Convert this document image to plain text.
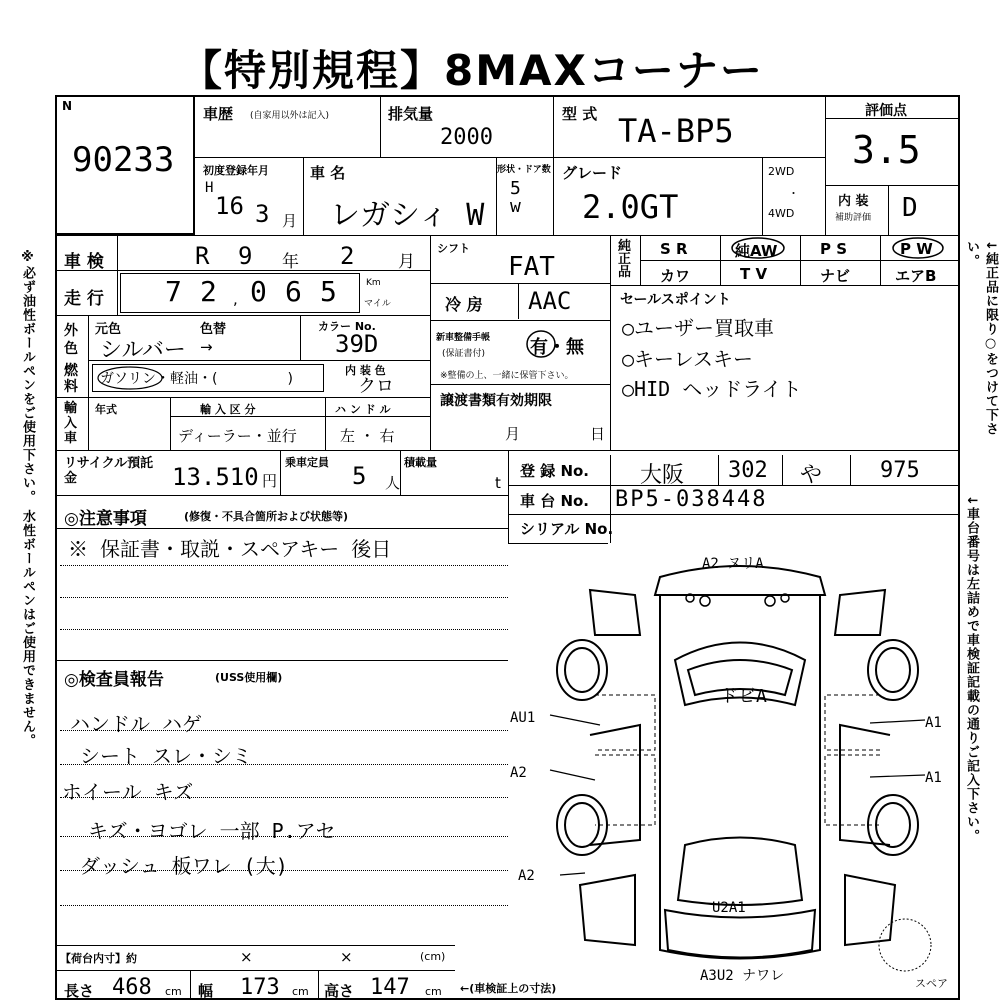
【特別規程】8MAXコーナー
※必ず油性ボールペンをご使用下さい。 水性ボールペンはご使用できません。	↓純正品に限り○をつけて下さい。
↓車台番号は左詰めで車検証記載の通りご記入下さい。
N
90233
車歴 (自家用以外は記入)	排気量
2000
型 式 TA-BP5
評価点
3.5
内 装
補助評価 D
初度登録年月
H
16 3 月
車 名
レガシィ W
形状・ドア数
5 w
グレード
2.0GT
2WD
・
4WD
車 検	R 9 年 2	月
走 行 7 2 , 0 6 5	Km
マイル
シフト
FAT
冷 房 AAC
純正品
S R	純AW	P S	P W
カワ	T V	ナビ	エアB
外色
元色
シルバー
色替
→
カラー No.
39D
燃料 ガソリン・軽油・(　　　　　)
内 装 色
クロ
新車整備手帳
(保証書付) 有・無
※整備の上、一緒に保管下さい。
輸入車
年式	輸 入 区 分
ディーラー・並行
ハ ン ド ル
左 ・ 右
譲渡書類有効期限
月	日
セールスポイント
○ユーザー買取車
○キーレスキー
○HID ヘッドライト
リサイクル預託金	13.510 円
乗車定員 5 人
積載量
t
登 録 No. 大阪 302 や	975
車 台 No. BP5-038448
シリアル No.
◎注意事項	(修復・不具合箇所および状態等)
※ 保証書・取説・スペアキー 後日
◎検査員報告	(USS使用欄)
ハンドル ハゲ
シート スレ・シミ
ホイール キズ
キズ・ヨゴレ 一部 P.アセ
ダッシュ 板ワレ (大)
A2 ヌリA
ドビA
AU1
A2
A2
A1
A1
U2A1
A3U2 ナワレ	スペア
【荷台内寸】約	×	×	(cm)
長さ 468 cm 幅 173 cm 高さ 147 cm ←(車検証上の寸法)
